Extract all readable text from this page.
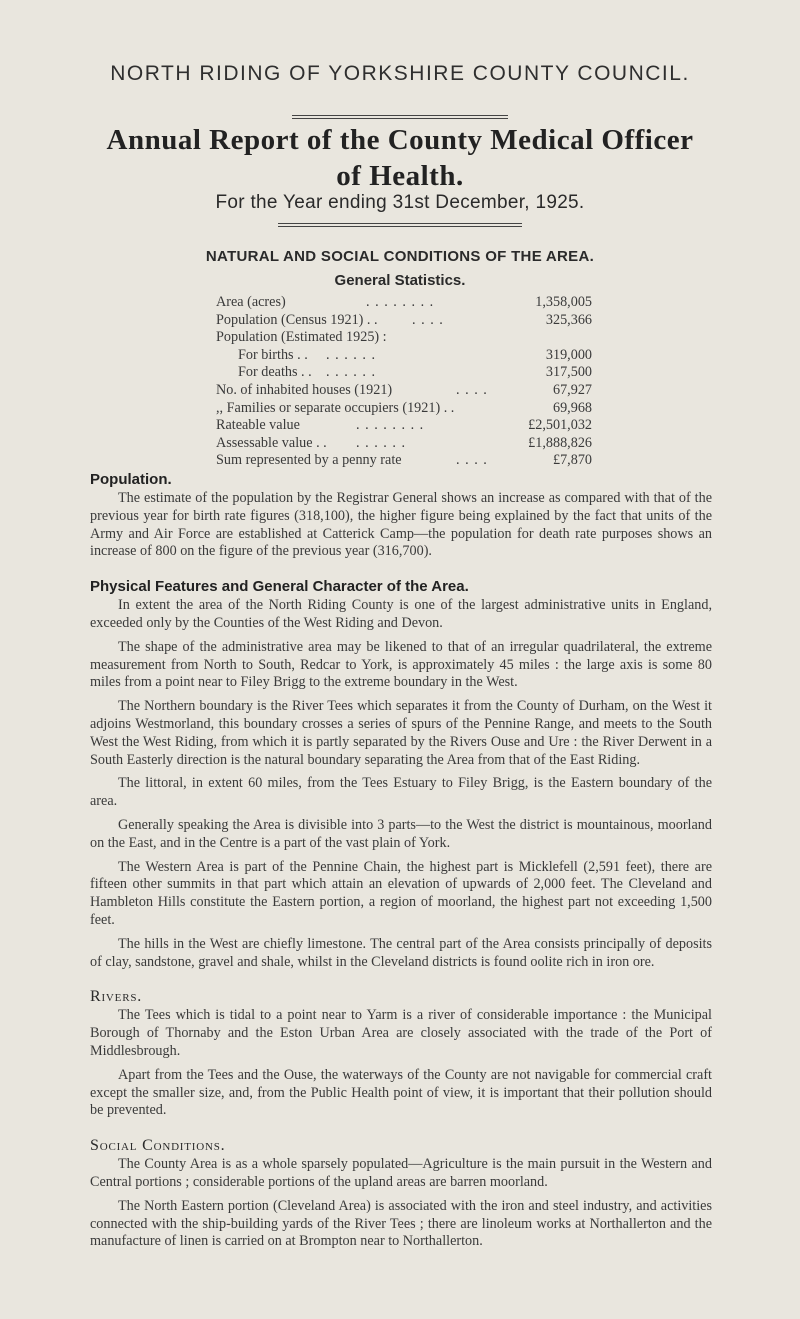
NORTH RIDING OF YORKSHIRE COUNTY COUNCIL.
Annual Report of the County Medical Officer
of Health.
For the Year ending 31st December, 1925.
NATURAL AND SOCIAL CONDITIONS OF THE AREA.
General Statistics.
Area (acres)	. . . . . . . .	1,358,005
Population (Census 1921) . . . . . .	325,366
Population (Estimated 1925) :
For births . . . . . . . .	319,000
For deaths . . . . . . . .	317,500
No. of inhabited houses (1921)	. . . .	67,927
,, Families or separate occupiers (1921) . .	69,968
Rateable value	. . . . . . . .	£2,501,032
Assessable value . . . . . . . .	£1,888,826
Sum represented by a penny rate	. . . .	£7,870
Population.

The estimate of the population by the Registrar General shows an increase as compared with that of the previous year for birth rate figures (318,100), the higher figure being explained by the fact that units of the Army and Air Force are established at Catterick Camp—the population for death rate purposes shows an increase of 800 on the figure of the previous year (316,700).

Physical Features and General Character of the Area.

In extent the area of the North Riding County is one of the largest administrative units in England, exceeded only by the Counties of the West Riding and Devon.

The shape of the administrative area may be likened to that of an irregular quadrilateral, the extreme measurement from North to South, Redcar to York, is approximately 45 miles : the large axis is some 80 miles from a point near to Filey Brigg to the extreme boundary in the West.

The Northern boundary is the River Tees which separates it from the County of Durham, on the West it adjoins Westmorland, this boundary crosses a series of spurs of the Pennine Range, and meets to the South West the West Riding, from which it is partly separated by the Rivers Ouse and Ure : the River Derwent in a South Easterly direction is the natural boundary separating the Area from that of the East Riding.

The littoral, in extent 60 miles, from the Tees Estuary to Filey Brigg, is the Eastern boundary of the area.

Generally speaking the Area is divisible into 3 parts—to the West the district is mountainous, moorland on the East, and in the Centre is a part of the vast plain of York.

The Western Area is part of the Pennine Chain, the highest part is Micklefell (2,591 feet), there are fifteen other summits in that part which attain an elevation of upwards of 2,000 feet. The Cleveland and Hambleton Hills constitute the Eastern portion, a region of moorland, the highest part not exceeding 1,500 feet.

The hills in the West are chiefly limestone. The central part of the Area consists principally of deposits of clay, sandstone, gravel and shale, whilst in the Cleveland districts is found oolite rich in iron ore.

Rivers.

The Tees which is tidal to a point near to Yarm is a river of considerable importance : the Municipal Borough of Thornaby and the Eston Urban Area are closely associated with the trade of the Port of Middlesbrough.

Apart from the Tees and the Ouse, the waterways of the County are not navigable for commercial craft except the smaller size, and, from the Public Health point of view, it is important that their pollution should be prevented.

Social Conditions.

The County Area is as a whole sparsely populated—Agriculture is the main pursuit in the Western and Central portions ; considerable portions of the upland areas are barren moorland.

The North Eastern portion (Cleveland Area) is associated with the iron and steel industry, and activities connected with the ship-building yards of the River Tees ; there are linoleum works at Northallerton and the manufacture of linen is carried on at Brompton near to Northallerton.
